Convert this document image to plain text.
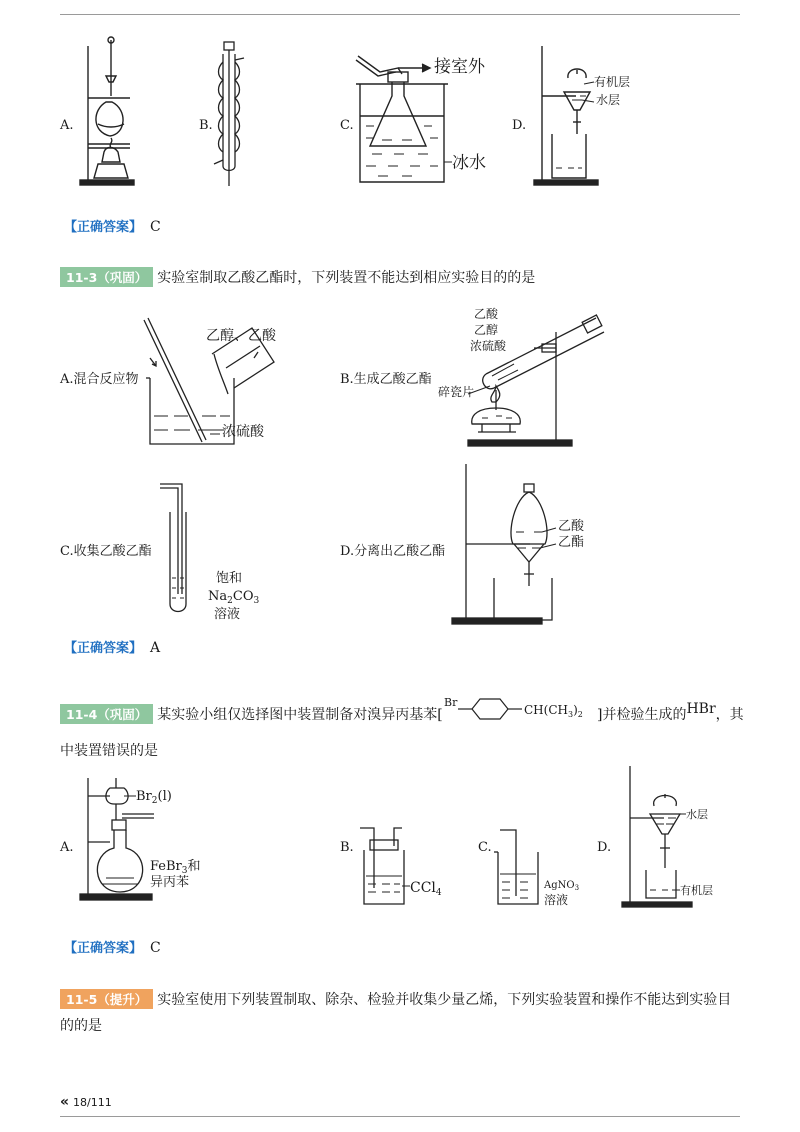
A.	B.	C.	D.
接室外
冰水
有机层
水层
【正确答案】 C
11-3（巩固） 实验室制取乙酸乙酯时，下列装置不能达到相应实验目的的是
A.混合反应物	B.生成乙酸乙酯
乙醇、乙酸
浓硫酸
乙酸
乙醇
浓硫酸
碎瓷片
C.收集乙酸乙酯	D.分离出乙酸乙酯
饱和
$Na_2CO_3$
溶液
乙酸
乙酯
【正确答案】 A
11-4（巩固） 某实验小组仅选择图中装置制备对溴异丙基苯[
Br
$CH(CH_3)_2$ ]并检验生成的HBr，其
中装置错误的是
A.	B.	C.	D.
$Br_2(l)$
FeBr$_3$和
异丙苯	CCl$_4$
AgNO$_3$
溶液
水层
有机层
【正确答案】 C
11-5（提升） 实验室使用下列装置制取、除杂、检验并收集少量乙烯，下列实验装置和操作不能达到实验目
的的是
« 18/111
